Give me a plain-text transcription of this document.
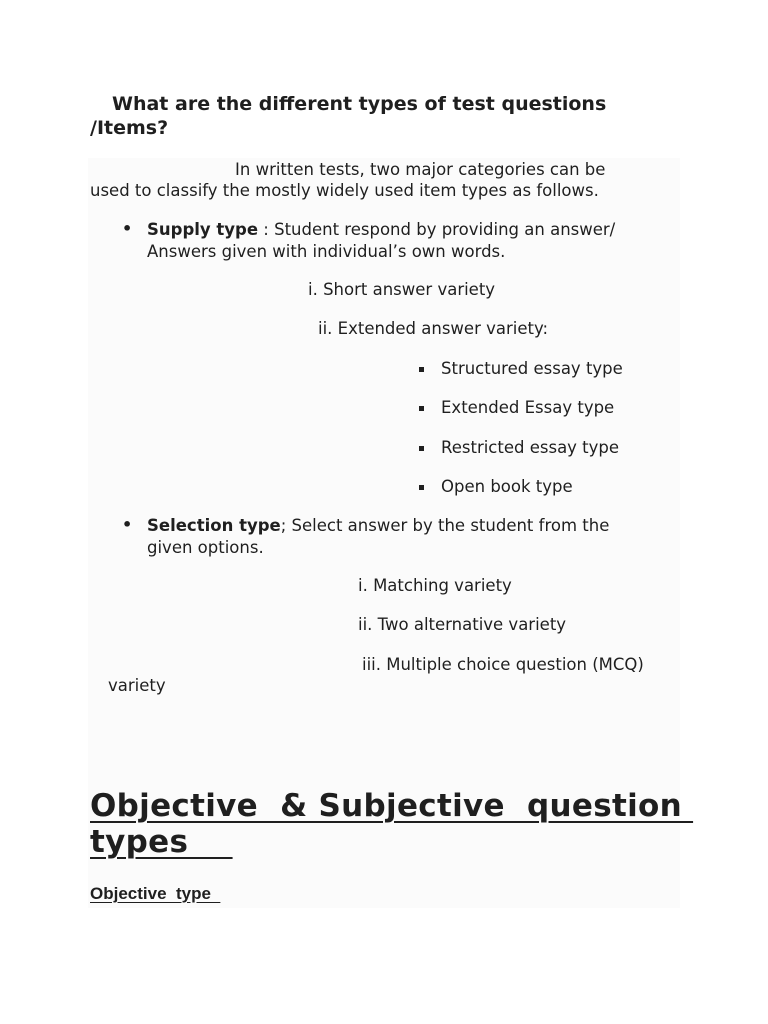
What are the different types of test questions
/Items?
In written tests, two major categories can be
used to classify the mostly widely used item types as follows.
• Supply type : Student respond by providing an answer/
Answers given with individual’s own words.
i. Short answer variety
ii. Extended answer variety:
Structured essay type
Extended Essay type
Restricted essay type
Open book type
• Selection type; Select answer by the student from the
given options.
i. Matching variety
ii. Two alternative variety
iii. Multiple choice question (MCQ)
variety
Objective  & Subjective  question
types
Objective  type
